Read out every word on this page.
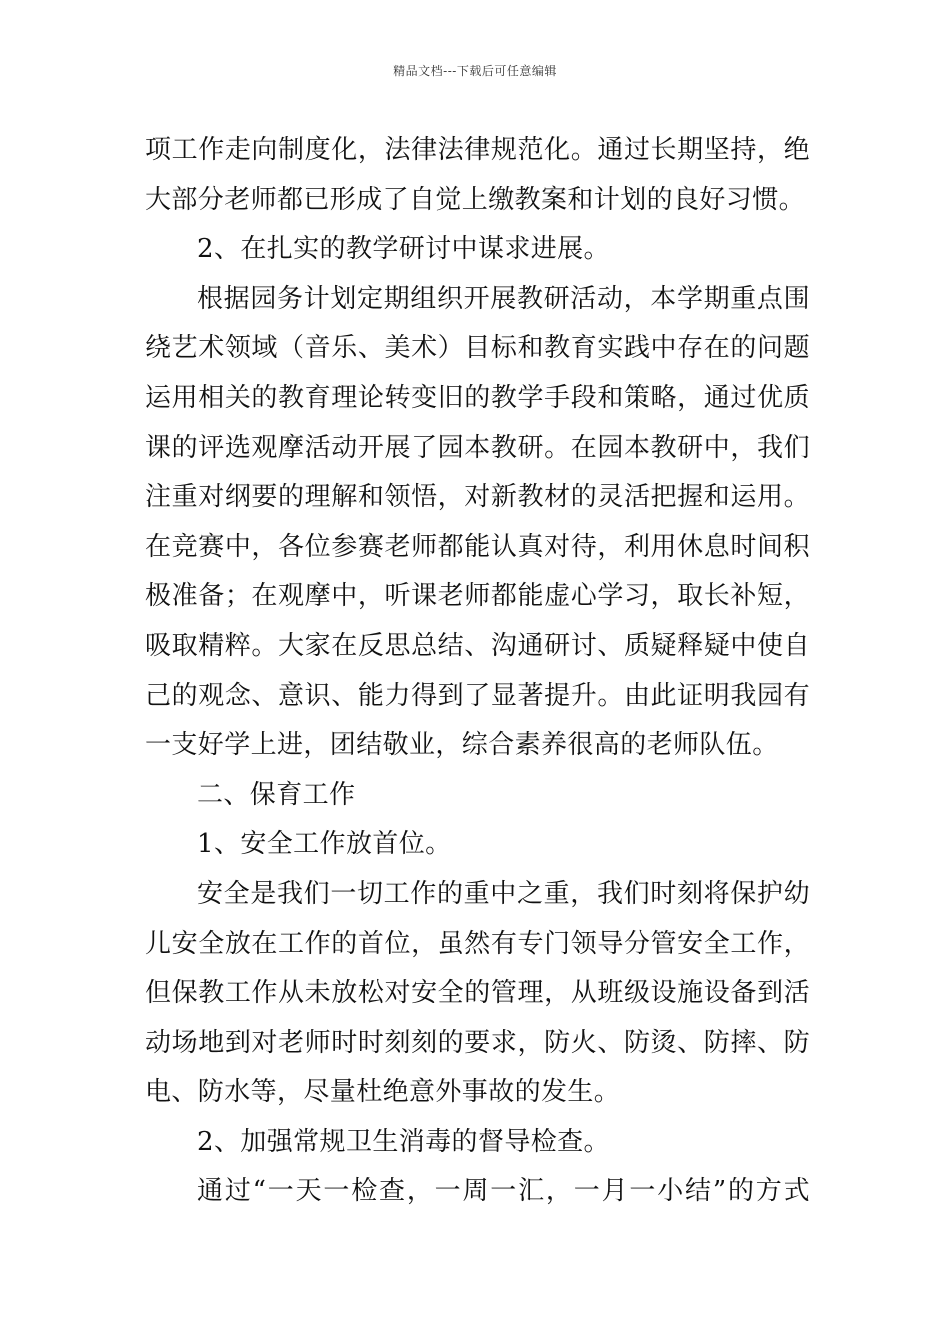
精品文档---下载后可任意编辑
项工作走向制度化，法律法律规范化。通过长期坚持，绝
大部分老师都已形成了自觉上缴教案和计划的良好习惯。
2、在扎实的教学研讨中谋求进展。
根据园务计划定期组织开展教研活动，本学期重点围
绕艺术领域（音乐、美术）目标和教育实践中存在的问题
运用相关的教育理论转变旧的教学手段和策略，通过优质
课的评选观摩活动开展了园本教研。在园本教研中，我们
注重对纲要的理解和领悟，对新教材的灵活把握和运用。
在竞赛中，各位参赛老师都能认真对待，利用休息时间积
极准备；在观摩中，听课老师都能虚心学习，取长补短，
吸取精粹。大家在反思总结、沟通研讨、质疑释疑中使自
己的观念、意识、能力得到了显著提升。由此证明我园有
一支好学上进，团结敬业，综合素养很高的老师队伍。
二、保育工作
1、安全工作放首位。
安全是我们一切工作的重中之重，我们时刻将保护幼
儿安全放在工作的首位，虽然有专门领导分管安全工作，
但保教工作从未放松对安全的管理，从班级设施设备到活
动场地到对老师时时刻刻的要求，防火、防烫、防摔、防
电、防水等，尽量杜绝意外事故的发生。
2、加强常规卫生消毒的督导检查。
通过“一天一检查，一周一汇，一月一小结”的方式
